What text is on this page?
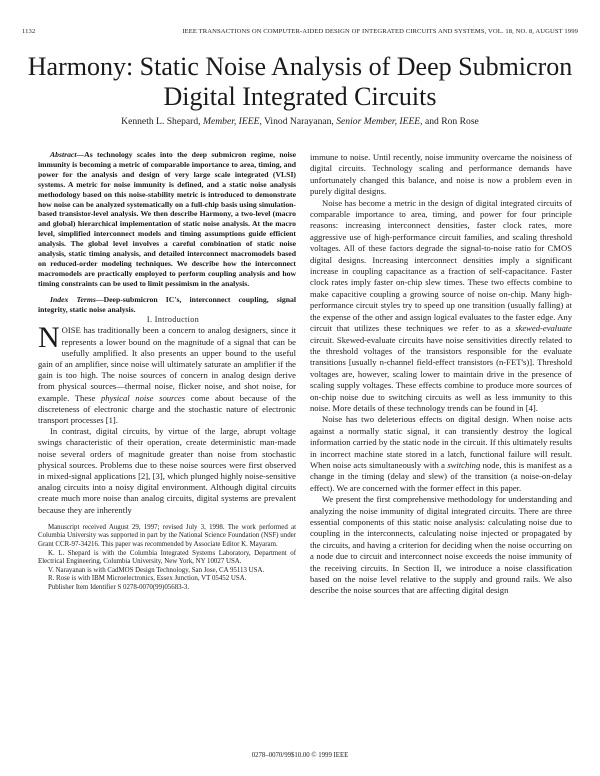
1132	IEEE TRANSACTIONS ON COMPUTER-AIDED DESIGN OF INTEGRATED CIRCUITS AND SYSTEMS, VOL. 18, NO. 8, AUGUST 1999
Harmony: Static Noise Analysis of Deep Submicron Digital Integrated Circuits
Kenneth L. Shepard, Member, IEEE, Vinod Narayanan, Senior Member, IEEE, and Ron Rose

Abstract—As technology scales into the deep submicron regime, noise immunity is becoming a metric of comparable importance to area, timing, and power for the analysis and design of very large scale integrated (VLSI) systems. A metric for noise immunity is defined, and a static noise analysis methodology based on this noise-stability metric is introduced to demonstrate how noise can be analyzed systematically on a full-chip basis using simulation-based transistor-level analysis. We then describe Harmony, a two-level (macro and global) hierarchical implementation of static noise analysis. At the macro level, simplified interconnect models and timing assumptions guide efficient analysis. The global level involves a careful combination of static noise analysis, static timing analysis, and detailed interconnect macromodels based on reduced-order modeling techniques. We describe how the interconnect macromodels are practically employed to perform coupling analysis and how timing constraints can be used to limit pessimism in the analysis.

Index Terms—Deep-submicron IC's, interconnect coupling, signal integrity, static noise analysis.

I. Introduction

NOISE has traditionally been a concern to analog designers, since it represents a lower bound on the magnitude of a signal that can be usefully amplified. It also presents an upper bound to the useful gain of an amplifier, since noise will ultimately saturate an amplifier if the gain is too high. The noise sources of concern in analog design derive from physical sources—thermal noise, flicker noise, and shot noise, for example. These physical noise sources come about because of the discreteness of electronic charge and the stochastic nature of electronic transport processes [1].

In contrast, digital circuits, by virtue of the large, abrupt voltage swings characteristic of their operation, create deterministic man-made noise several orders of magnitude greater than noise from stochastic physical sources. Problems due to these noise sources were first observed in mixed-signal applications [2], [3], which plunged highly noise-sensitive analog circuits into a noisy digital environment. Although digital circuits create much more noise than analog circuits, digital systems are prevalent because they are inherently

Manuscript received August 29, 1997; revised July 3, 1998. The work performed at Columbia University was supported in part by the National Science Foundation (NSF) under Grant CCR-97-34216. This paper was recommended by Associate Editor K. Mayaram.

K. L. Shepard is with the Columbia Integrated Systems Laboratory, Department of Electrical Engineering, Columbia University, New York, NY 10027 USA.

V. Narayanan is with CadMOS Design Technology, San Jose, CA 95113 USA.

R. Rose is with IBM Microelectronics, Essex Junction, VT 05452 USA.

Publisher Item Identifier S 0278-0070(99)05683-3.

immune to noise. Until recently, noise immunity overcame the noisiness of digital circuits. Technology scaling and performance demands have unfortunately changed this balance, and noise is now a problem even in purely digital designs.

Noise has become a metric in the design of digital integrated circuits of comparable importance to area, timing, and power for four principle reasons: increasing interconnect densities, faster clock rates, more aggressive use of high-performance circuit families, and scaling threshold voltages. All of these factors degrade the signal-to-noise ratio for CMOS digital designs. Increasing interconnect densities imply a significant increase in coupling capacitance as a fraction of self-capacitance. Faster clock rates imply faster on-chip slew times. These two effects combine to make capacitive coupling a growing source of noise on-chip. Many high-performance circuit styles try to speed up one transition (usually falling) at the expense of the other and assign logical evaluates to the faster edge. Any circuit that utilizes these techniques we refer to as a skewed-evaluate circuit. Skewed-evaluate circuits have noise sensitivities directly related to the threshold voltages of the transistors responsible for the evaluate transitions [usually n-channel field-effect transistors (n-FET's)]. Threshold voltages are, however, scaling lower to maintain drive in the presence of scaling supply voltages. These effects combine to produce more sources of on-chip noise due to switching circuits as well as less immunity to this noise. More details of these technology trends can be found in [4].

Noise has two deleterious effects on digital design. When noise acts against a normally static signal, it can transiently destroy the logical information carried by the static node in the circuit. If this ultimately results in incorrect machine state stored in a latch, functional failure will result. When noise acts simultaneously with a switching node, this is manifest as a change in the timing (delay and slew) of the transition (a noise-on-delay effect). We are concerned with the former effect in this paper.

We present the first comprehensive methodology for understanding and analyzing the noise immunity of digital integrated circuits. There are three essential components of this static noise analysis: calculating noise due to coupling in the interconnects, calculating noise injected or propagated by the circuits, and having a criterion for deciding when the noise occurring on a node due to circuit and interconnect noise exceeds the noise immunity of the receiving circuits. In Section II, we introduce a noise classification based on the noise level relative to the supply and ground rails. We also describe the noise sources that are affecting digital design

0278–0070/99$10.00 © 1999 IEEE
